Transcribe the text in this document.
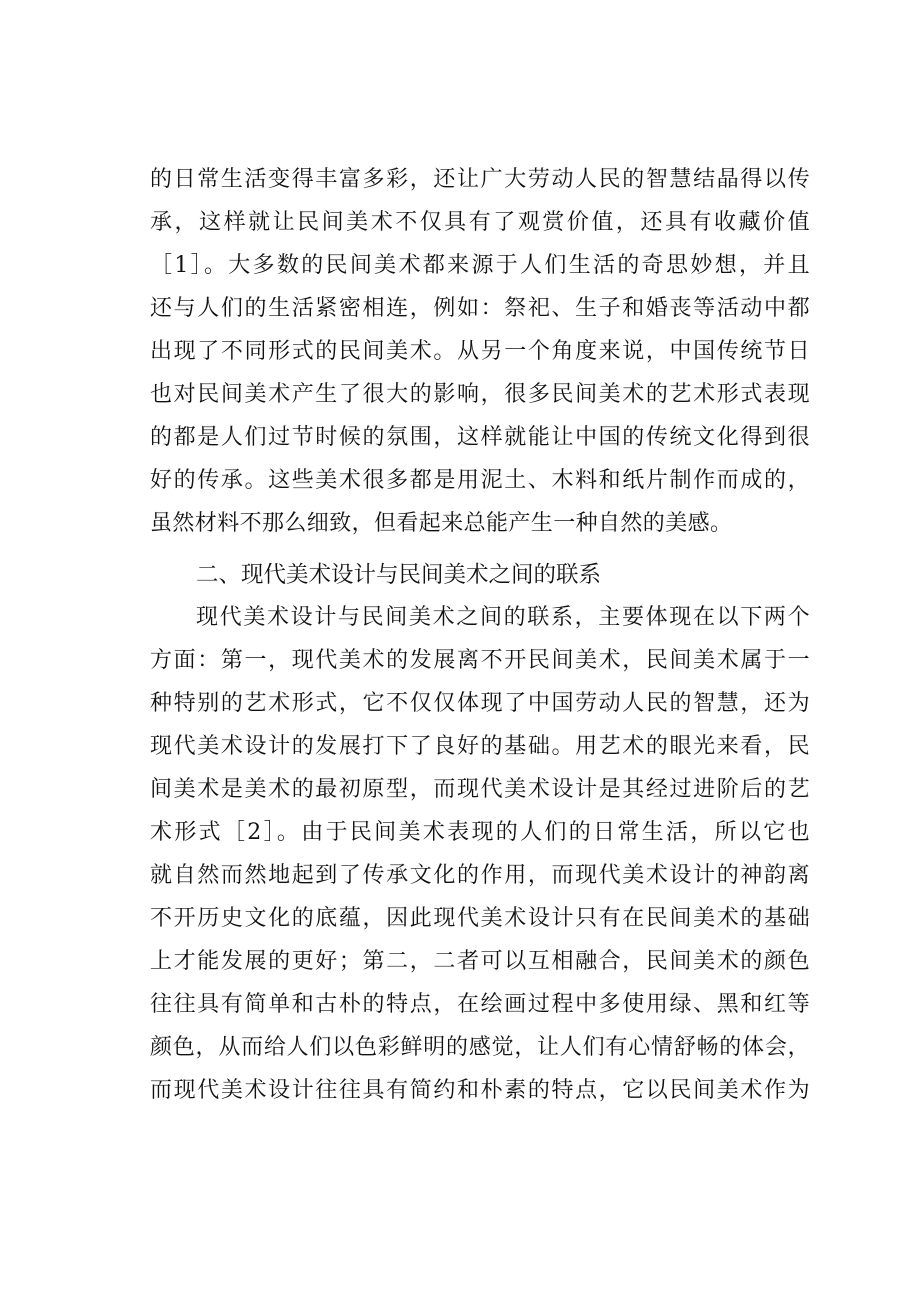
的日常生活变得丰富多彩，还让广大劳动人民的智慧结晶得以传
承，这样就让民间美术不仅具有了观赏价值，还具有收藏价值
［1］。大多数的民间美术都来源于人们生活的奇思妙想，并且
还与人们的生活紧密相连，例如：祭祀、生子和婚丧等活动中都
出现了不同形式的民间美术。从另一个角度来说，中国传统节日
也对民间美术产生了很大的影响，很多民间美术的艺术形式表现
的都是人们过节时候的氛围，这样就能让中国的传统文化得到很
好的传承。这些美术很多都是用泥土、木料和纸片制作而成的，
虽然材料不那么细致，但看起来总能产生一种自然的美感。
二、现代美术设计与民间美术之间的联系
现代美术设计与民间美术之间的联系，主要体现在以下两个
方面：第一，现代美术的发展离不开民间美术，民间美术属于一
种特别的艺术形式，它不仅仅体现了中国劳动人民的智慧，还为
现代美术设计的发展打下了良好的基础。用艺术的眼光来看，民
间美术是美术的最初原型，而现代美术设计是其经过进阶后的艺
术形式［2］。由于民间美术表现的人们的日常生活，所以它也
就自然而然地起到了传承文化的作用，而现代美术设计的神韵离
不开历史文化的底蕴，因此现代美术设计只有在民间美术的基础
上才能发展的更好；第二，二者可以互相融合，民间美术的颜色
往往具有简单和古朴的特点，在绘画过程中多使用绿、黑和红等
颜色，从而给人们以色彩鲜明的感觉，让人们有心情舒畅的体会，
而现代美术设计往往具有简约和朴素的特点，它以民间美术作为
